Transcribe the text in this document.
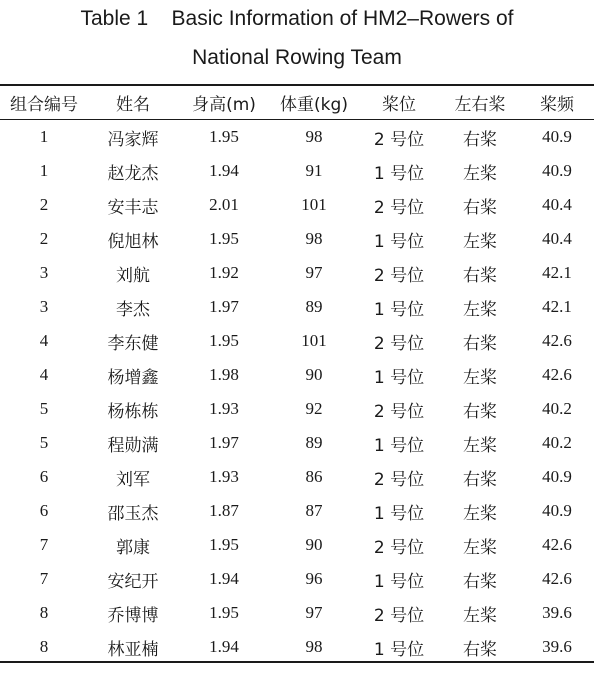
Table 1    Basic Information of HM2–Rowers of
National Rowing Team
组合编号	姓名	身高(m)	体重(kg)	桨位	左右桨	桨频
1	冯家辉	1.95	98	2 号位	右桨	40.9
1	赵龙杰	1.94	91	1 号位	左桨	40.9
2	安丰志	2.01	101	2 号位	右桨	40.4
2	倪旭林	1.95	98	1 号位	左桨	40.4
3	刘航	1.92	97	2 号位	右桨	42.1
3	李杰	1.97	89	1 号位	左桨	42.1
4	李东健	1.95	101	2 号位	右桨	42.6
4	杨增鑫	1.98	90	1 号位	左桨	42.6
5	杨栋栋	1.93	92	2 号位	右桨	40.2
5	程勋满	1.97	89	1 号位	左桨	40.2
6	刘军	1.93	86	2 号位	右桨	40.9
6	邵玉杰	1.87	87	1 号位	左桨	40.9
7	郭康	1.95	90	2 号位	左桨	42.6
7	安纪开	1.94	96	1 号位	右桨	42.6
8	乔博博	1.95	97	2 号位	左桨	39.6
8	林亚楠	1.94	98	1 号位	右桨	39.6
